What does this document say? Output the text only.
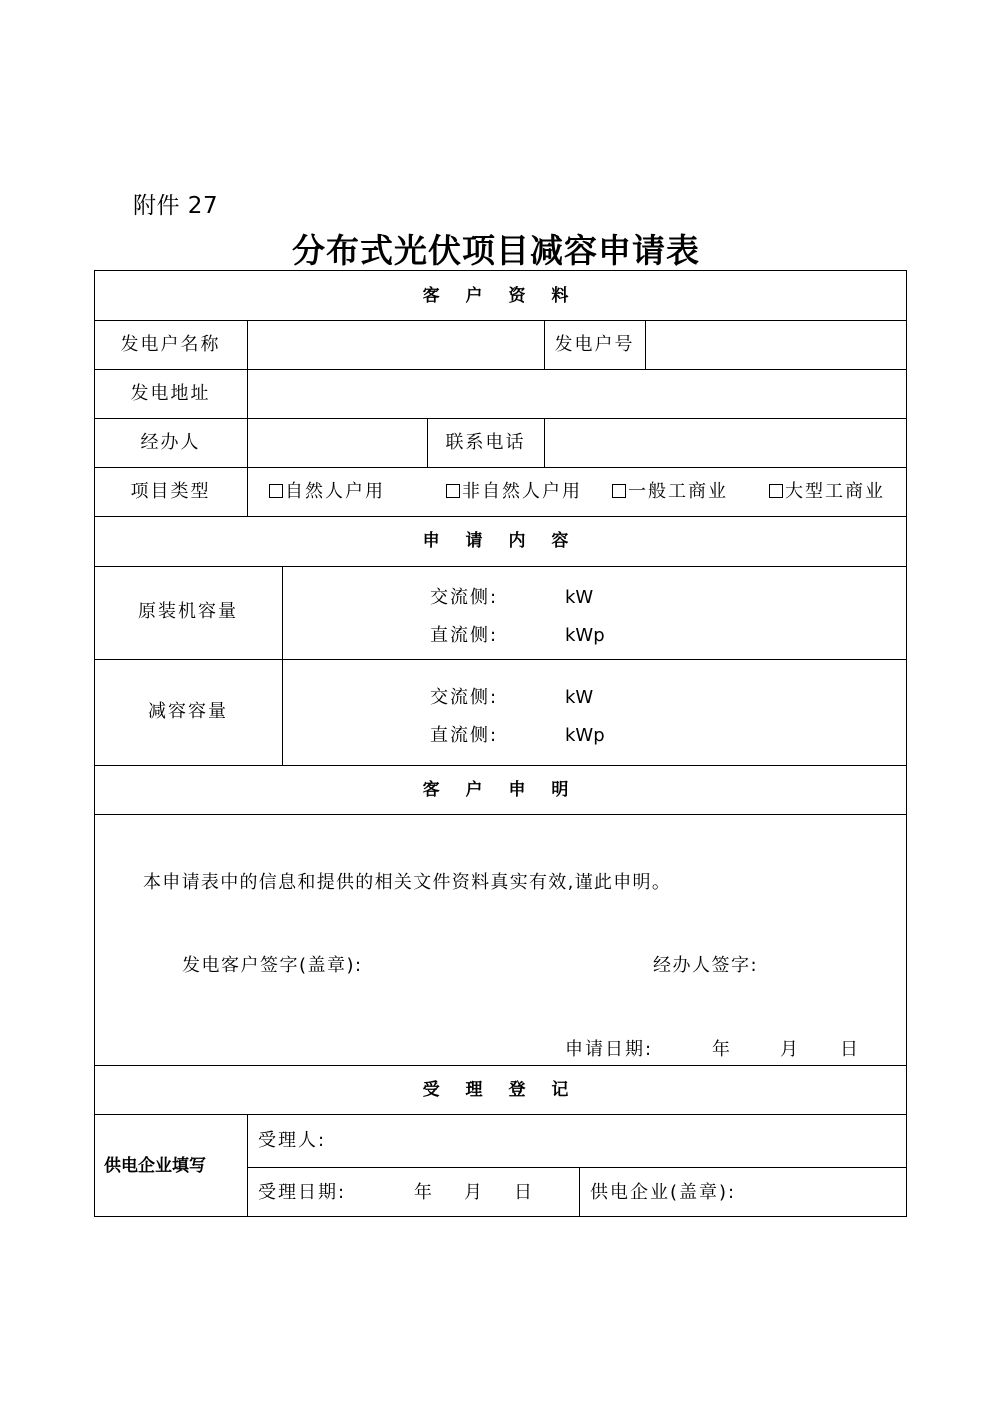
附件 27
分布式光伏项目减容申请表
客 户 资 料
发电户名称	发电户号
发电地址
经办人	联系电话
项目类型	自然人户用	非自然人户用	一般工商业	大型工商业
申 请 内 容
原装机容量
交流侧:	kW
直流侧:	kWp
减容容量
交流侧:	kW
直流侧:	kWp
客 户 申 明
本申请表中的信息和提供的相关文件资料真实有效,谨此申明。
发电客户签字(盖章):	经办人签字:
申请日期:	年	月 日
受 理 登 记
供电企业填写
受理人:
受理日期:	年 月 日	供电企业(盖章):
